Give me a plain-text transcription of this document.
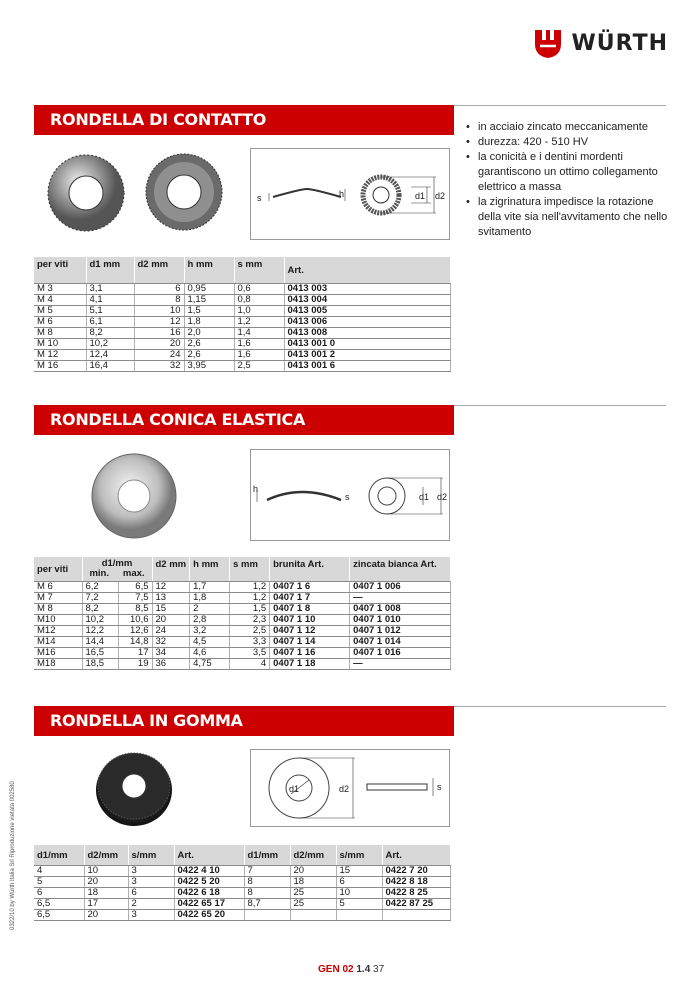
WÜRTH
RONDELLA DI CONTATTO
s	h	d1 d2
• in acciaio zincato meccanicamente
• durezza: 420 - 510 HV
• la conicità e i dentini mordenti garantiscono un ottimo collegamento elettrico a massa
• la zigrinatura impedisce la rotazione della vite sia nell'avvitamento che nello svitamento
per viti	d1 mm	d2 mm	h mm	s mm	Art.
M 3	3,1	6	0,95	0,6	0413 003
M 4	4,1	8	1,15	0,8	0413 004
M 5	5,1	10	1,5	1,0	0413 005
M 6	6,1	12	1,8	1,2	0413 006
M 8	8,2	16	2,0	1,4	0413 008
M 10	10,2	20	2,6	1,6	0413 001 0
M 12	12,4	24	2,6	1,6	0413 001 2
M 16	16,4	32	3,95	2,5	0413 001 6
RONDELLA CONICA ELASTICA
h
s	d1 d2
per viti	d1/mm
min. max.		d2 mm	h mm	s mm	brunita Art.	zincata bianca Art.
M 6	6,2	6,5	12	1,7	1,2	0407 1 6	0407 1 006
M 7	7,2	7,5	13	1,8	1,2	0407 1 7	—
M 8	8,2	8,5	15	2	1,5	0407 1 8	0407 1 008
M10	10,2	10,6	20	2,8	2,3	0407 1 10	0407 1 010
M12	12,2	12,6	24	3,2	2,5	0407 1 12	0407 1 012
M14	14,4	14,8	32	4,5	3,3	0407 1 14	0407 1 014
M16	16,5	17	34	4,6	3,5	0407 1 16	0407 1 016
M18	18,5	19	36	4,75	4	0407 1 18	—
RONDELLA IN GOMMA
d1	d2	s
d1/mm	d2/mm	s/mm	Art.	d1/mm	d2/mm	s/mm	Art.
4	10	3	0422 4 10	7	20	15	0422 7 20
5	20	3	0422 5 20	8	18	6	0422 8 18
6	18	6	0422 6 18	8	25	10	0422 8 25
6,5	17	2	0422 65 17	8,7	25	5	0422 87 25
6,5	20	3	0422 65 20				
GEN 02 1.4 37
0322/10 by Würth Italia Srl Riproduzione vietata 002580
